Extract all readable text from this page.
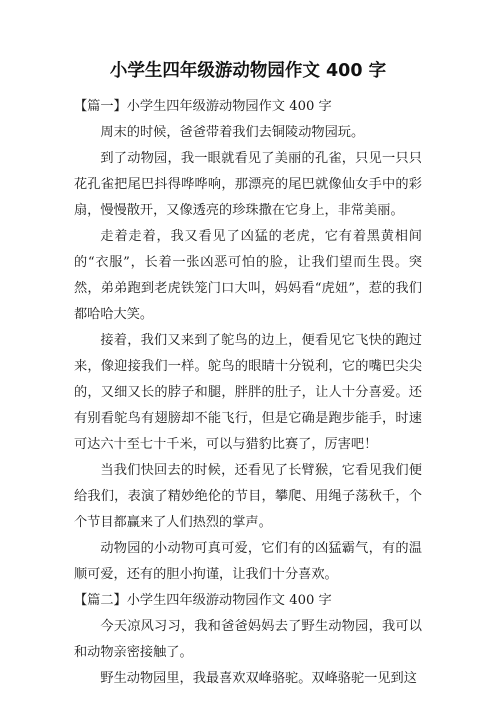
小学生四年级游动物园作文 400 字

【篇一】小学生四年级游动物园作文 400 字

周末的时候，爸爸带着我们去铜陵动物园玩。

到了动物园，我一眼就看见了美丽的孔雀，只见一只只花孔雀把尾巴抖得哗哗响，那漂亮的尾巴就像仙女手中的彩扇，慢慢散开，又像透亮的珍珠撒在它身上，非常美丽。

走着走着，我又看见了凶猛的老虎，它有着黑黄相间的“衣服”，长着一张凶恶可怕的脸，让我们望而生畏。突然，弟弟跑到老虎铁笼门口大叫，妈妈看“虎妞”，惹的我们都哈哈大笑。

接着，我们又来到了鸵鸟的边上，便看见它飞快的跑过来，像迎接我们一样。鸵鸟的眼睛十分锐利，它的嘴巴尖尖的，又细又长的脖子和腿，胖胖的肚子，让人十分喜爱。还有别看鸵鸟有翅膀却不能飞行，但是它确是跑步能手，时速可达六十至七十千米，可以与猎豹比赛了，厉害吧！

当我们快回去的时候，还看见了长臂猴，它看见我们便给我们，表演了精妙绝伦的节目，攀爬、用绳子荡秋千，个个节目都赢来了人们热烈的掌声。

动物园的小动物可真可爱，它们有的凶猛霸气，有的温顺可爱，还有的胆小拘谨，让我们十分喜欢。

【篇二】小学生四年级游动物园作文 400 字

今天凉风习习，我和爸爸妈妈去了野生动物园，我可以和动物亲密接触了。

野生动物园里，我最喜欢双峰骆驼。双峰骆驼一见到这
